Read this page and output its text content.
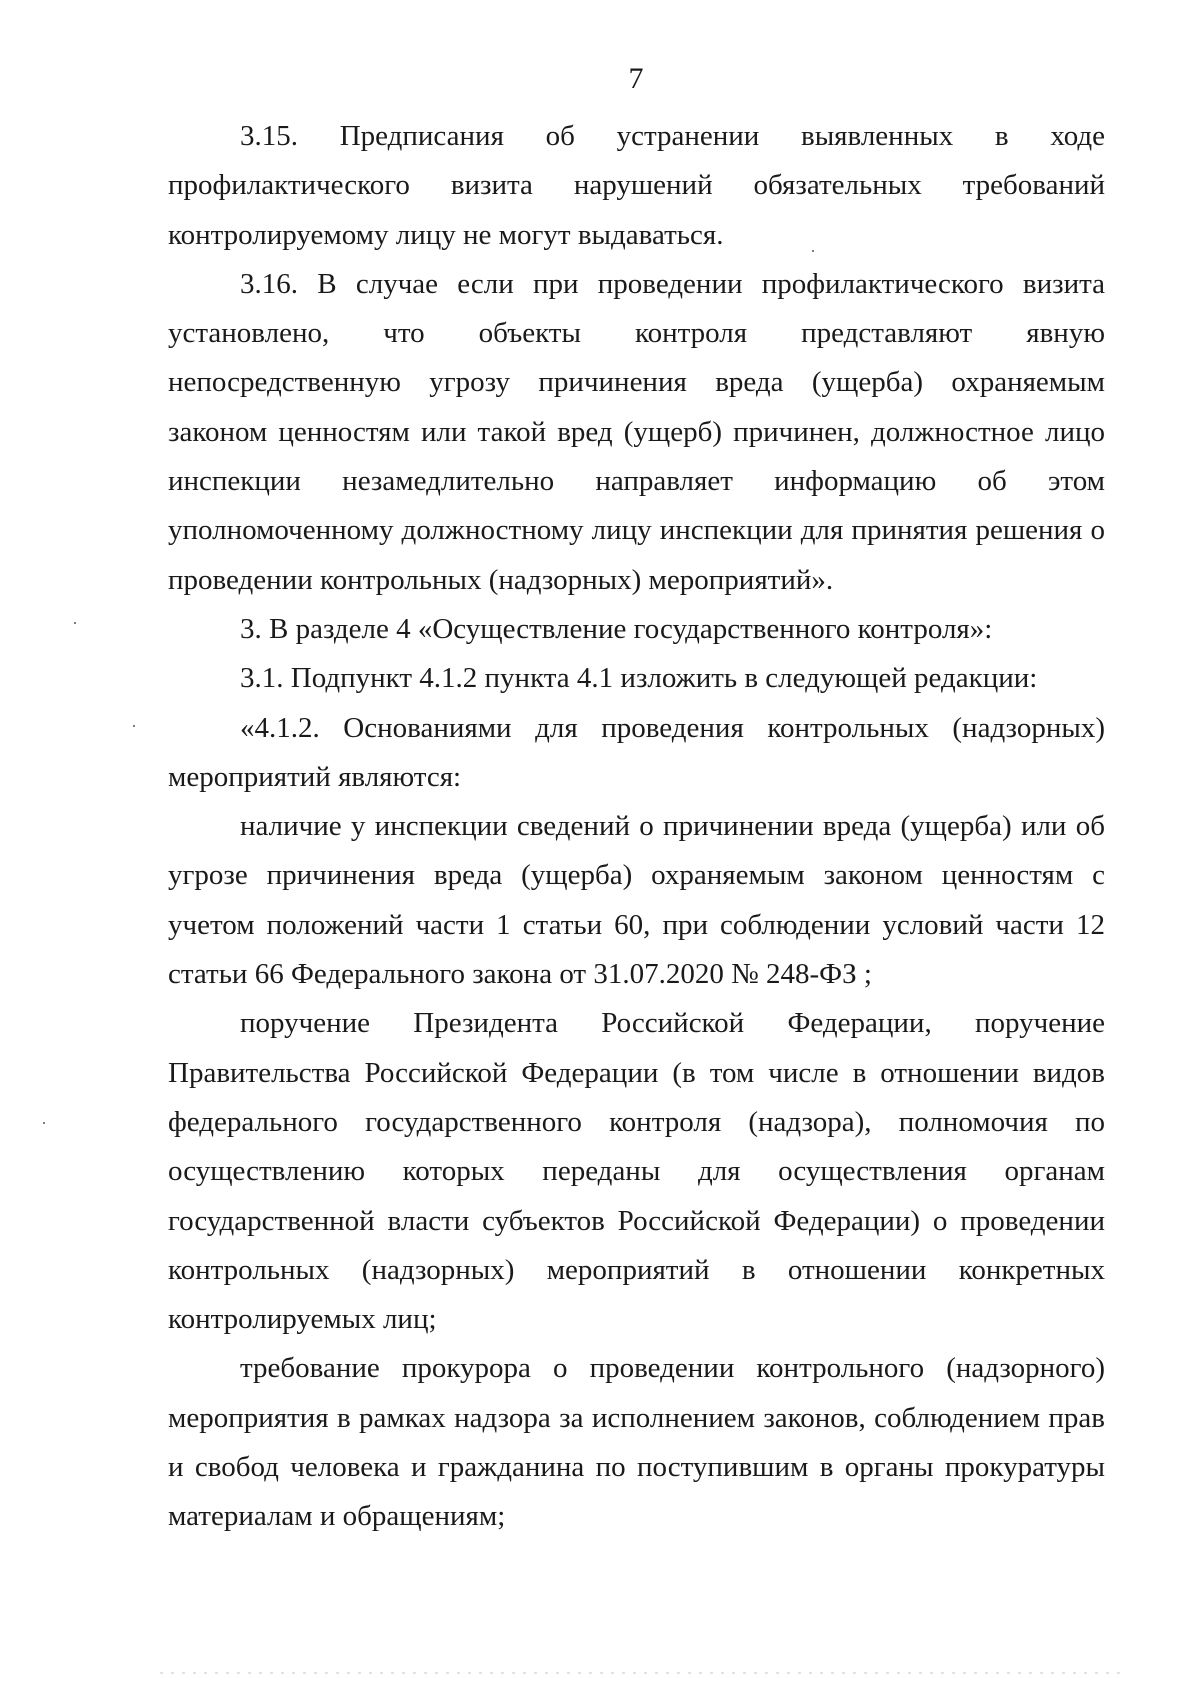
7

3.15. Предписания об устранении выявленных в ходе профилактического визита нарушений обязательных требований контролируемому лицу не могут выдаваться.

3.16. В случае если при проведении профилактического визита установлено, что объекты контроля представляют явную непосредственную угрозу причинения вреда (ущерба) охраняемым законом ценностям или такой вред (ущерб) причинен, должностное лицо инспекции незамедлительно направляет информацию об этом уполномоченному должностному лицу инспекции для принятия решения о проведении контрольных (надзорных) мероприятий».

3. В разделе 4 «Осуществление государственного контроля»:

3.1. Подпункт 4.1.2 пункта 4.1 изложить в следующей редакции:

«4.1.2. Основаниями для проведения контрольных (надзорных) мероприятий являются:

наличие у инспекции сведений о причинении вреда (ущерба) или об угрозе причинения вреда (ущерба) охраняемым законом ценностям с учетом положений части 1 статьи 60, при соблюдении условий части 12 статьи 66 Федерального закона от 31.07.2020 № 248-ФЗ ;

поручение Президента Российской Федерации, поручение Правительства Российской Федерации (в том числе в отношении видов федерального государственного контроля (надзора), полномочия по осуществлению которых переданы для осуществления органам государственной власти субъектов Российской Федерации) о проведении контрольных (надзорных) мероприятий в отношении конкретных контролируемых лиц;

требование прокурора о проведении контрольного (надзорного) мероприятия в рамках надзора за исполнением законов, соблюдением прав и свобод человека и гражданина по поступившим в органы прокуратуры материалам и обращениям;
